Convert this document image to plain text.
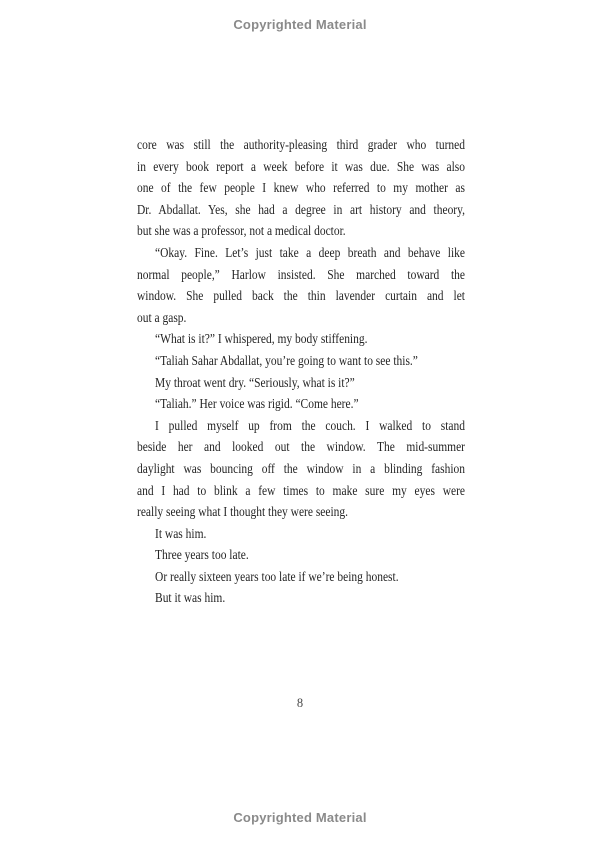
Copyrighted Material
core was still the authority-pleasing third grader who turned
in every book report a week before it was due. She was also
one of the few people I knew who referred to my mother as
Dr. Abdallat. Yes, she had a degree in art history and theory,
but she was a professor, not a medical doctor.
“Okay. Fine. Let’s just take a deep breath and behave like
normal people,” Harlow insisted. She marched toward the
window. She pulled back the thin lavender curtain and let
out a gasp.
“What is it?” I whispered, my body stiffening.
“Taliah Sahar Abdallat, you’re going to want to see this.”
My throat went dry. “Seriously, what is it?”
“Taliah.” Her voice was rigid. “Come here.”
I pulled myself up from the couch. I walked to stand
beside her and looked out the window. The mid-summer
daylight was bouncing off the window in a blinding fashion
and I had to blink a few times to make sure my eyes were
really seeing what I thought they were seeing.
It was him.
Three years too late.
Or really sixteen years too late if we’re being honest.
But it was him.
8
Copyrighted Material
